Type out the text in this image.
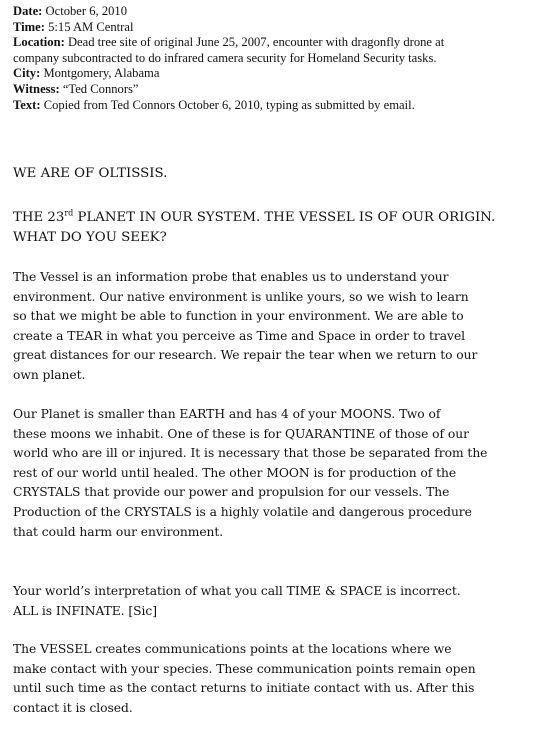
Date: October 6, 2010

Time: 5:15 AM Central

Location: Dead tree site of original June 25, 2007, encounter with dragonfly drone at
company subcontracted to do infrared camera security for Homeland Security tasks.

City: Montgomery, Alabama

Witness: “Ted Connors”

Text: Copied from Ted Connors October 6, 2010, typing as submitted by email.

WE ARE OF OLTISSIS.

THE 23rd PLANET IN OUR SYSTEM. THE VESSEL IS OF OUR ORIGIN.
WHAT DO YOU SEEK?

The Vessel is an information probe that enables us to understand your
environment. Our native environment is unlike yours, so we wish to learn
so that we might be able to function in your environment. We are able to
create a TEAR in what you perceive as Time and Space in order to travel
great distances for our research. We repair the tear when we return to our
own planet.

Our Planet is smaller than EARTH and has 4 of your MOONS. Two of
these moons we inhabit. One of these is for QUARANTINE of those of our
world who are ill or injured. It is necessary that those be separated from the
rest of our world until healed. The other MOON is for production of the
CRYSTALS that provide our power and propulsion for our vessels. The
Production of the CRYSTALS is a highly volatile and dangerous procedure
that could harm our environment.

Your world’s interpretation of what you call TIME & SPACE is incorrect.
ALL is INFINATE. [Sic]

The VESSEL creates communications points at the locations where we
make contact with your species. These communication points remain open
until such time as the contact returns to initiate contact with us. After this
contact it is closed.
